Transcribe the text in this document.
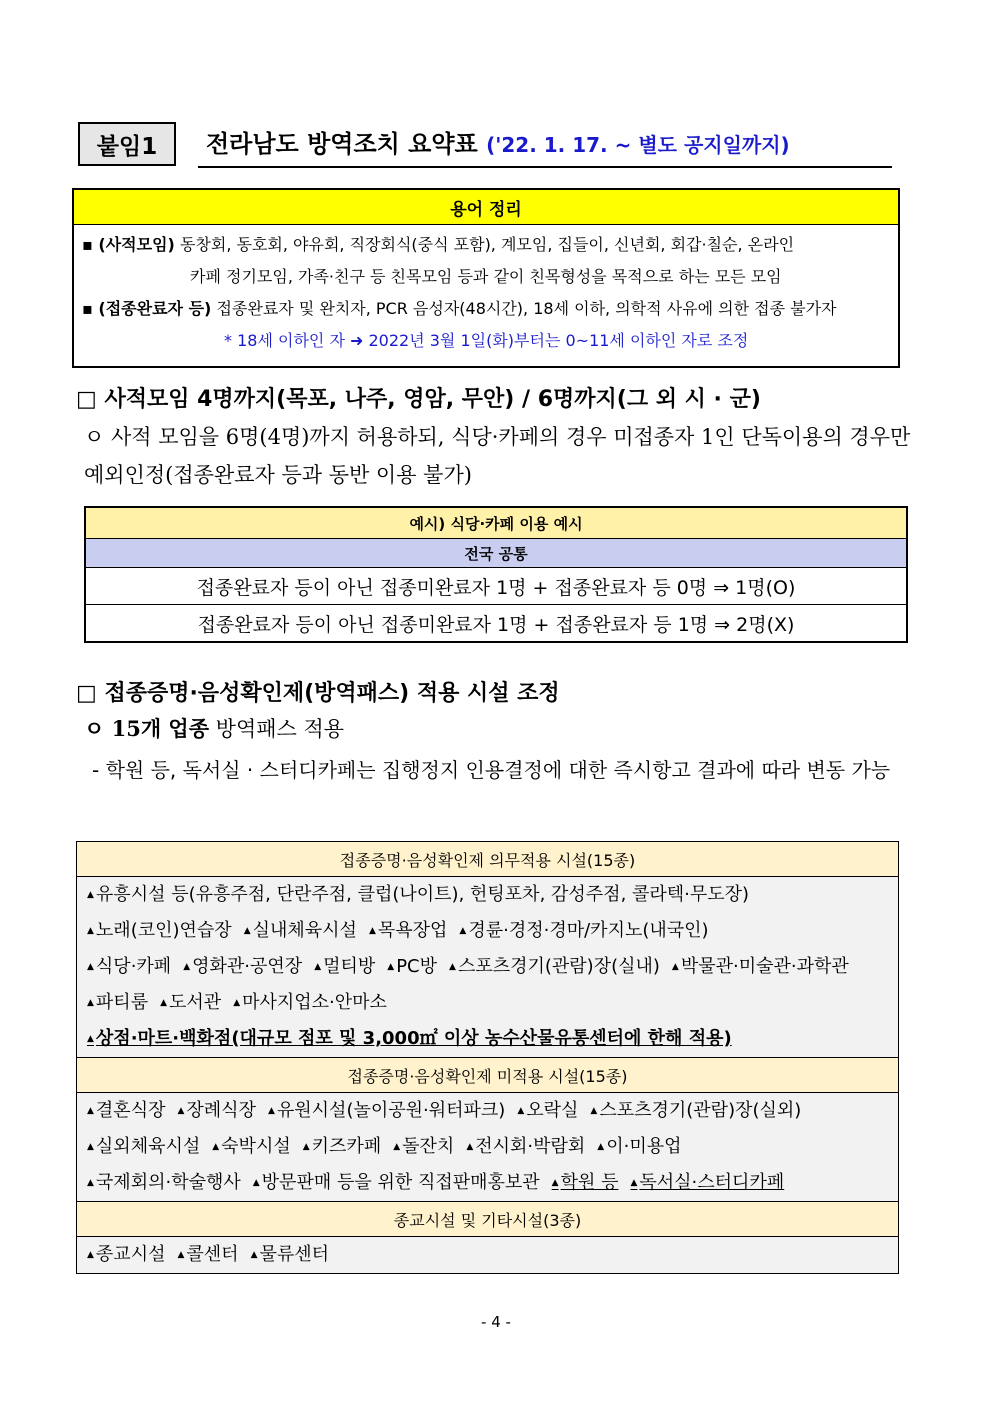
붙임1	전라남도 방역조치 요약표 ('22. 1. 17. ~ 별도 공지일까지)
용어 정리
▪ (사적모임) 동창회, 동호회, 야유회, 직장회식(중식 포함), 계모임, 집들이, 신년회, 회갑·칠순, 온라인
카페 정기모임, 가족·친구 등 친목모임 등과 같이 친목형성을 목적으로 하는 모든 모임
▪ (접종완료자 등) 접종완료자 및 완치자, PCR 음성자(48시간), 18세 이하, 의학적 사유에 의한 접종 불가자
* 18세 이하인 자 ➜ 2022년 3월 1일(화)부터는 0~11세 이하인 자로 조정
□ 사적모임 4명까지(목포, 나주, 영암, 무안) / 6명까지(그 외 시 · 군)
ㅇ 사적 모임을 6명(4명)까지 허용하되, 식당·카페의 경우 미접종자 1인 단독이용의 경우만 예외인정(접종완료자 등과 동반 이용 불가)
예시) 식당·카페 이용 예시
전국 공통
접종완료자 등이 아닌 접종미완료자 1명 + 접종완료자 등 0명 ⇒ 1명(O)
접종완료자 등이 아닌 접종미완료자 1명 + 접종완료자 등 1명 ⇒ 2명(X)
□ 접종증명·음성확인제(방역패스) 적용 시설 조정
ㅇ 15개 업종 방역패스 적용
- 학원 등, 독서실 · 스터디카페는 집행정지 인용결정에 대한 즉시항고 결과에 따라 변동 가능
접종증명·음성확인제 의무적용 시설(15종)
▲ 유흥시설 등(유흥주점, 단란주점, 클럽(나이트), 헌팅포차, 감성주점, 콜라텍·무도장)
▲ 노래(코인)연습장 ▲ 실내체육시설 ▲ 목욕장업 ▲ 경륜·경정·경마/카지노(내국인)
▲ 식당·카페 ▲ 영화관·공연장 ▲ 멀티방 ▲ PC방 ▲ 스포츠경기(관람)장(실내) ▲ 박물관·미술관·과학관
▲ 파티룸 ▲ 도서관 ▲ 마사지업소·안마소
▲ 상점·마트·백화점(대규모 점포 및 3,000㎡ 이상 농수산물유통센터에 한해 적용)
접종증명·음성확인제 미적용 시설(15종)
▲ 결혼식장 ▲ 장례식장 ▲ 유원시설(놀이공원·워터파크) ▲ 오락실 ▲ 스포츠경기(관람)장(실외)
▲ 실외체육시설 ▲ 숙박시설 ▲ 키즈카페 ▲ 돌잔치 ▲ 전시회·박람회 ▲ 이·미용업
▲ 국제회의·학술행사 ▲ 방문판매 등을 위한 직접판매홍보관 ▲ 학원 등 ▲ 독서실·스터디카페
종교시설 및 기타시설(3종)
▲ 종교시설 ▲ 콜센터 ▲ 물류센터
- 4 -
